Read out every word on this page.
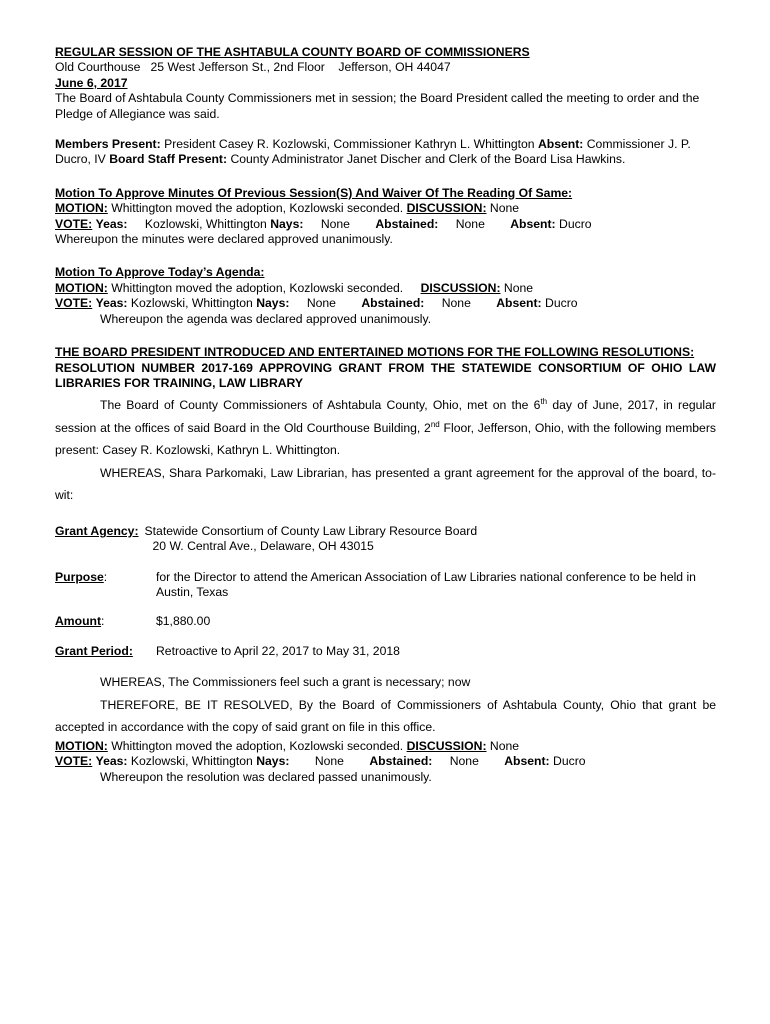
REGULAR SESSION OF THE ASHTABULA COUNTY BOARD OF COMMISSIONERS

Old Courthouse   25 West Jefferson St., 2nd Floor    Jefferson, OH 44047

June 6, 2017

The Board of Ashtabula County Commissioners met in session; the Board President called the meeting to order and the Pledge of Allegiance was said.

Members Present: President Casey R. Kozlowski, Commissioner Kathryn L. Whittington Absent: Commissioner J. P. Ducro, IV Board Staff Present: County Administrator Janet Discher and Clerk of the Board Lisa Hawkins.

Motion To Approve Minutes Of Previous Session(S) And Waiver Of The Reading Of Same:

MOTION: Whittington moved the adoption, Kozlowski seconded. DISCUSSION: None

VOTE: Yeas: Kozlowski, Whittington Nays: None Abstained: None Absent: Ducro

Whereupon the minutes were declared approved unanimously.

Motion To Approve Today’s Agenda:

MOTION: Whittington moved the adoption, Kozlowski seconded. DISCUSSION: None

VOTE: Yeas: Kozlowski, Whittington Nays: None Abstained: None Absent: Ducro

Whereupon the agenda was declared approved unanimously.

THE BOARD PRESIDENT INTRODUCED AND ENTERTAINED MOTIONS FOR THE FOLLOWING RESOLUTIONS:

RESOLUTION NUMBER 2017-169 APPROVING GRANT FROM THE STATEWIDE CONSORTIUM OF OHIO LAW LIBRARIES FOR TRAINING, LAW LIBRARY

The Board of County Commissioners of Ashtabula County, Ohio, met on the 6th day of June, 2017, in regular session at the offices of said Board in the Old Courthouse Building, 2nd Floor, Jefferson, Ohio, with the following members present: Casey R. Kozlowski, Kathryn L. Whittington.

WHEREAS, Shara Parkomaki, Law Librarian, has presented a grant agreement for the approval of the board, to-wit:

Grant Agency: Statewide Consortium of County Law Library Resource Board
20 W. Central Ave., Delaware, OH 43015
Purpose:	for the Director to attend the American Association of Law Libraries national conference to be held in Austin, Texas
Amount:	$1,880.00
Grant Period:	Retroactive to April 22, 2017 to May 31, 2018

WHEREAS, The Commissioners feel such a grant is necessary; now

THEREFORE, BE IT RESOLVED, By the Board of Commissioners of Ashtabula County, Ohio that grant be accepted in accordance with the copy of said grant on file in this office.

MOTION: Whittington moved the adoption, Kozlowski seconded. DISCUSSION: None

VOTE: Yeas: Kozlowski, Whittington Nays: None Abstained: None Absent: Ducro

Whereupon the resolution was declared passed unanimously.
